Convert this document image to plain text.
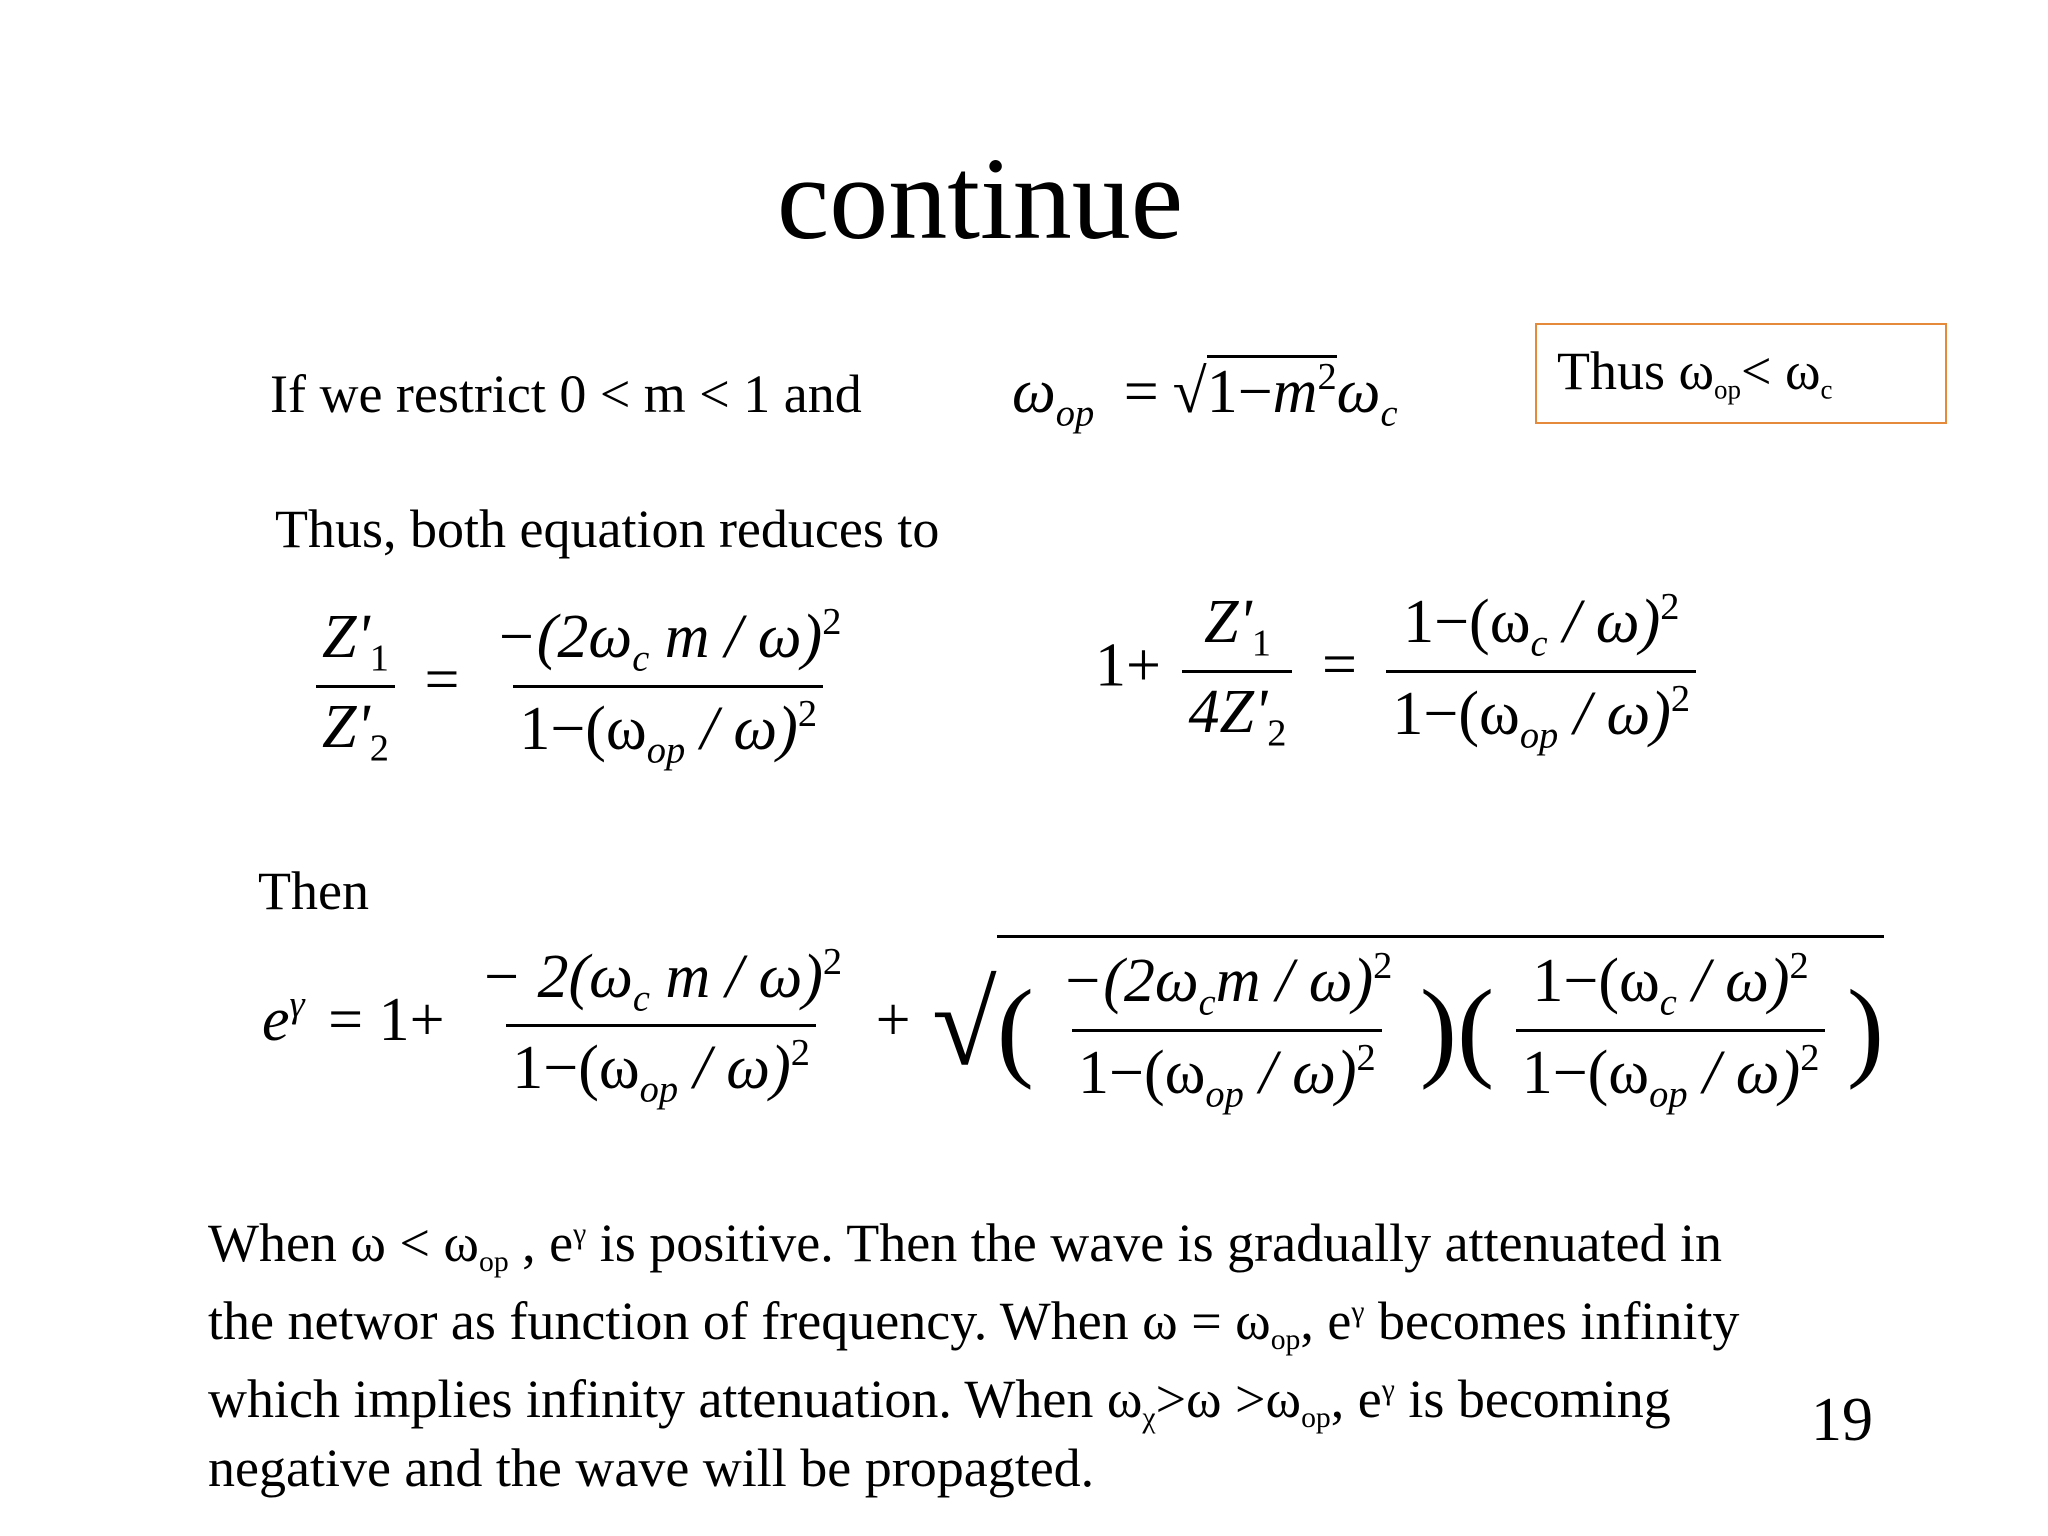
continue
If we restrict 0 < m < 1 and $\omega_{op} = √1-m^2\omega_c$
Thus $\omega_{op}< \omega_c$
Thus, both equation reduces to
$\frac{Z'_1}{Z'_2} = \frac{-(2\omega_c m / \omega)^2}{1-(\omega_{op} / \omega)^2}$	$1+ \frac{Z'_1}{4Z'_2} = \frac{1-(\omega_c / \omega)^2}{1-(\omega_{op} / \omega)^2}$
Then
$e^\gamma = 1+ \frac{- 2(\omega_c m / \omega)^2}{1-(\omega_{op} / \omega)^2}$ + √( $\frac{-(2\omega_cm / \omega)^2}{1-(\omega_{op} / \omega)^2}$ )( $\frac{1-(\omega_c / \omega)^2}{1-(\omega_{op} / \omega)^2}$ )
When $\omega < \omega_{op}$ , $e^\gamma$ is positive. Then the wave is gradually attenuated in
the networ as function of frequency. When $\omega = \omega_{op}$, $e^\gamma$ becomes infinity
which implies infinity attenuation. When $\omega_\chi>\omega >\omega_{op}$, $e^\gamma$ is becoming
negative and the wave will be propagted.
19
